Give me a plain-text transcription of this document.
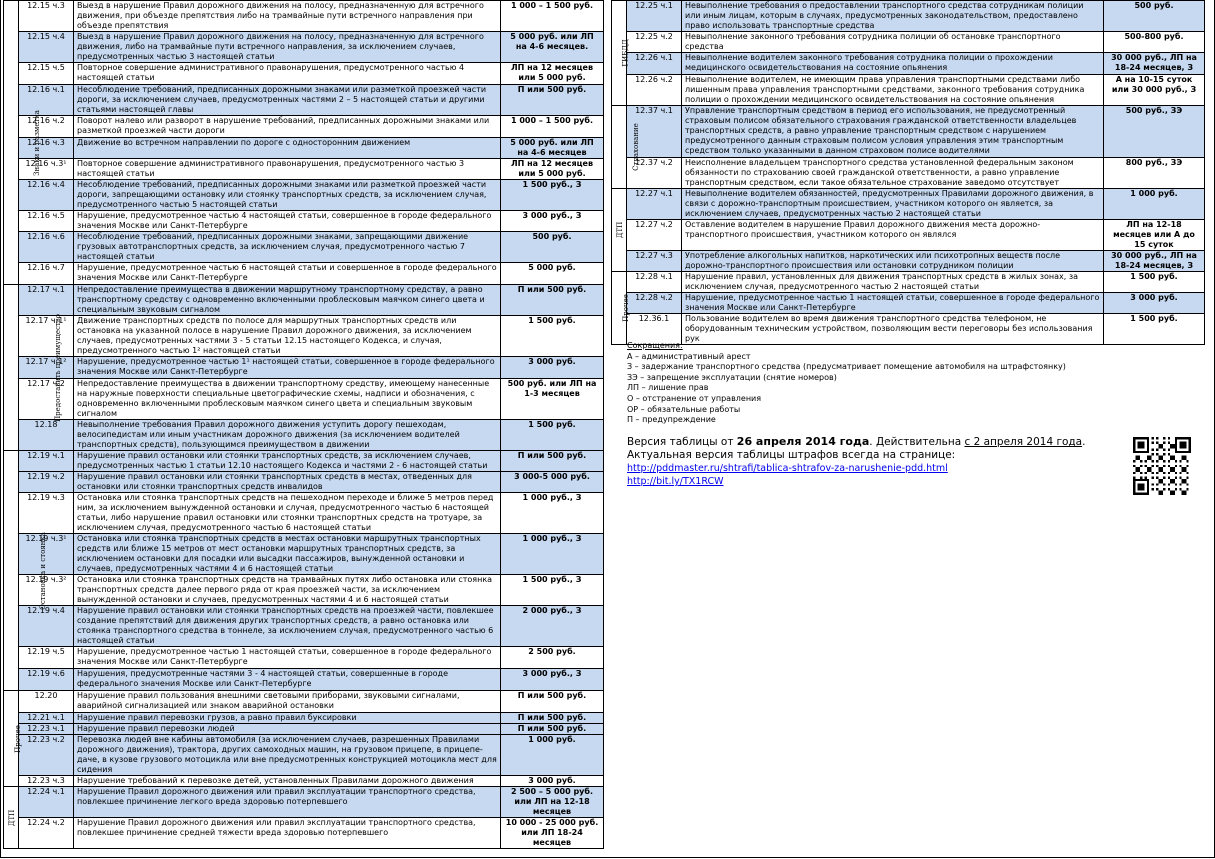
Знаки и разметка	12.15 ч.3	Выезд в нарушение Правил дорожного движения на полосу, предназначенную для встречного движения, при объезде препятствия либо на трамвайные пути встречного направления при объезде препятствия	1 000 – 1 500 руб.
	12.15 ч.4	Выезд в нарушение Правил дорожного движения на полосу, предназначенную для встречного движения, либо на трамвайные пути встречного направления, за исключением случаев, предусмотренных частью 3 настоящей статьи	5 000 руб. или ЛП на 4-6 месяцев.
	12.15 ч.5	Повторное совершение административного правонарушения, предусмотренного частью 4 настоящей статьи	ЛП на 12 месяцев или 5 000 руб.
	12.16 ч.1	Несоблюдение требований, предписанных дорожными знаками или разметкой проезжей части дороги, за исключением случаев, предусмотренных частями 2 – 5 настоящей статьи и другими статьями настоящей главы	П или 500 руб.
	12.16 ч.2	Поворот налево или разворот в нарушение требований, предписанных дорожными знаками или разметкой проезжей части дороги	1 000 – 1 500 руб.
	12.16 ч.3	Движение во встречном направлении по дороге с односторонним движением	5 000 руб. или ЛП на 4-6 месяцев
	12.16 ч.3¹	Повторное совершение административного правонарушения, предусмотренного частью 3 настоящей статьи	ЛП на 12 месяцев или 5 000 руб.
	12.16 ч.4	Несоблюдение требований, предписанных дорожными знаками или разметкой проезжей части дороги, запрещающими остановку или стоянку транспортных средств, за исключением случая, предусмотренного частью 5 настоящей статьи	1 500 руб., З
	12.16 ч.5	Нарушение, предусмотренное частью 4 настоящей статьи, совершенное в городе федерального значения Москве или Санкт-Петербурге	3 000 руб., З
	12.16 ч.6	Несоблюдение требований, предписанных дорожными знаками, запрещающими движение грузовых автотранспортных средств, за исключением случая, предусмотренного частью 7 настоящей статьи	500 руб.
	12.16 ч.7	Нарушение, предусмотренное частью 6 настоящей статьи и совершенное в городе федерального значения Москве или Санкт-Петербурге	5 000 руб.
Предоставить преимущество	12.17 ч.1	Непредоставление преимущества в движении маршрутному транспортному средству, а равно транспортному средству с одновременно включенными проблесковым маячком синего цвета и специальным звуковым сигналом	П или 500 руб.
	12.17 ч.1¹	Движение транспортных средств по полосе для маршрутных транспортных средств или остановка на указанной полосе в нарушение Правил дорожного движения, за исключением случаев, предусмотренных частями 3 - 5 статьи 12.15 настоящего Кодекса, и случая, предусмотренного частью 1² настоящей статьи	1 500 руб.
	12.17 ч.1²	Нарушение, предусмотренное частью 1¹ настоящей статьи, совершенное в городе федерального значения Москве или Санкт-Петербурге	3 000 руб.
	12.17 ч.2	Непредоставление преимущества в движении транспортному средству, имеющему нанесенные на наружные поверхности специальные цветографические схемы, надписи и обозначения, с одновременно включенными проблесковым маячком синего цвета и специальным звуковым сигналом	500 руб. или ЛП на 1-3 месяцев
	12.18	Невыполнение требования Правил дорожного движения уступить дорогу пешеходам, велосипедистам или иным участникам дорожного движения (за исключением водителей транспортных средств), пользующимся преимуществом в движении	1 500 руб.
Остановка и стоянка	12.19 ч.1	Нарушение правил остановки или стоянки транспортных средств, за исключением случаев, предусмотренных частью 1 статьи 12.10 настоящего Кодекса и частями 2 - 6 настоящей статьи	П или 500 руб.
	12.19 ч.2	Нарушение правил остановки или стоянки транспортных средств в местах, отведенных для остановки или стоянки транспортных средств инвалидов	3 000-5 000 руб.
	12.19 ч.3	Остановка или стоянка транспортных средств на пешеходном переходе и ближе 5 метров перед ним, за исключением вынужденной остановки и случая, предусмотренного частью 6 настоящей статьи, либо нарушение правил остановки или стоянки транспортных средств на тротуаре, за исключением случая, предусмотренного частью 6 настоящей статьи	1 000 руб., З
	12.19 ч.3¹	Остановка или стоянка транспортных средств в местах остановки маршрутных транспортных средств или ближе 15 метров от мест остановки маршрутных транспортных средств, за исключением остановки для посадки или высадки пассажиров, вынужденной остановки и случаев, предусмотренных частями 4 и 6 настоящей статьи	1 000 руб., З
	12.19 ч.3²	Остановка или стоянка транспортных средств на трамвайных путях либо остановка или стоянка транспортных средств далее первого ряда от края проезжей части, за исключением вынужденной остановки и случаев, предусмотренных частями 4 и 6 настоящей статьи	1 500 руб., З
	12.19 ч.4	Нарушение правил остановки или стоянки транспортных средств на проезжей части, повлекшее создание препятствий для движения других транспортных средств, а равно остановка или стоянка транспортного средства в тоннеле, за исключением случая, предусмотренного частью 6 настоящей статьи	2 000 руб., З
	12.19 ч.5	Нарушение, предусмотренное частью 1 настоящей статьи, совершенное в городе федерального значения Москве или Санкт-Петербурге	2 500 руб.
	12.19 ч.6	Нарушения, предусмотренные частями 3 - 4 настоящей статьи, совершенные в городе федерального значения Москве или Санкт-Петербурге	3 000 руб., З
Прочее	12.20	Нарушение правил пользования внешними световыми приборами, звуковыми сигналами, аварийной сигнализацией или знаком аварийной остановки	П или 500 руб.
	12.21 ч.1	Нарушение правил перевозки грузов, а равно правил буксировки	П или 500 руб.
	12.23 ч.1	Нарушение правил перевозки людей	П или 500 руб.
	12.23 ч.2	Перевозка людей вне кабины автомобиля (за исключением случаев, разрешенных Правилами дорожного движения), трактора, других самоходных машин, на грузовом прицепе, в прицепе-даче, в кузове грузового мотоцикла или вне предусмотренных конструкцией мотоцикла мест для сидения	1 000 руб.
	12.23 ч.3	Нарушение требований к перевозке детей, установленных Правилами дорожного движения	3 000 руб.
ДТП	12.24 ч.1	Нарушение Правил дорожного движения или правил эксплуатации транспортного средства, повлекшее причинение легкого вреда здоровью потерпевшего	2 500 – 5 000 руб. или ЛП на 12-18 месяцев
	12.24 ч.2	Нарушение Правил дорожного движения или правил эксплуатации транспортного средства, повлекшее причинение средней тяжести вреда здоровью потерпевшего	10 000 - 25 000 руб. или ЛП 18-24 месяцев
ГИБДД	12.25 ч.1	Невыполнение требования о предоставлении транспортного средства сотрудникам полиции или иным лицам, которым в случаях, предусмотренных законодательством, предоставлено право использовать транспортные средства	500 руб.
	12.25 ч.2	Невыполнение законного требования сотрудника полиции об остановке транспортного средства	500-800 руб.
	12.26 ч.1	Невыполнение водителем законного требования сотрудника полиции о прохождении медицинского освидетельствования на состояние опьянения	30 000 руб., ЛП на 18-24 месяцев, З
	12.26 ч.2	Невыполнение водителем, не имеющим права управления транспортными средствами либо лишенным права управления транспортными средствами, законного требования сотрудника полиции о прохождении медицинского освидетельствования на состояние опьянения	А на 10-15 суток или 30 000 руб., З
Страхование	12.37 ч.1	Управление транспортным средством в период его использования, не предусмотренный страховым полисом обязательного страхования гражданской ответственности владельцев транспортных средств, а равно управление транспортным средством с нарушением предусмотренного данным страховым полисом условия управления этим транспортным средством только указанными в данном страховом полисе водителями	500 руб., ЗЭ
	12.37 ч.2	Неисполнение владельцем транспортного средства установленной федеральным законом обязанности по страхованию своей гражданской ответственности, а равно управление транспортным средством, если такое обязательное страхование заведомо отсутствует	800 руб., ЗЭ
ДТП	12.27 ч.1	Невыполнение водителем обязанностей, предусмотренных Правилами дорожного движения, в связи с дорожно-транспортным происшествием, участником которого он является, за исключением случаев, предусмотренных частью 2 настоящей статьи	1 000 руб.
	12.27 ч.2	Оставление водителем в нарушение Правил дорожного движения места дорожно-транспортного происшествия, участником которого он являлся	ЛП на 12-18 месяцев или А до 15 суток
	12.27 ч.3	Употребление алкогольных напитков, наркотических или психотропных веществ после дорожно-транспортного происшествия или остановки сотрудником полиции	30 000 руб., ЛП на 18-24 месяцев, З
Прочее	12.28 ч.1	Нарушение правил, установленных для движения транспортных средств в жилых зонах, за исключением случая, предусмотренного частью 2 настоящей статьи	1 500 руб.
	12.28 ч.2	Нарушение, предусмотренное частью 1 настоящей статьи, совершенное в городе федерального значения Москве или Санкт-Петербурге	3 000 руб.
	12.36.1	Пользование водителем во время движения транспортного средства телефоном, не оборудованным техническим устройством, позволяющим вести переговоры без использования рук	1 500 руб.
Сокращения:
А – административный арест
З – задержание транспортного средства (предусматривает помещение автомобиля на штрафстоянку)
ЗЭ – запрещение эксплуатации (снятие номеров)
ЛП – лишение прав
О – отстранение от управления
ОР – обязательные работы
П – предупреждение
Версия таблицы от 26 апреля 2014 года. Действительна с 2 апреля 2014 года.
Актуальная версия таблицы штрафов всегда на странице:
http://pddmaster.ru/shtrafi/tablica-shtrafov-za-narushenie-pdd.html
http://bit.ly/TX1RCW
